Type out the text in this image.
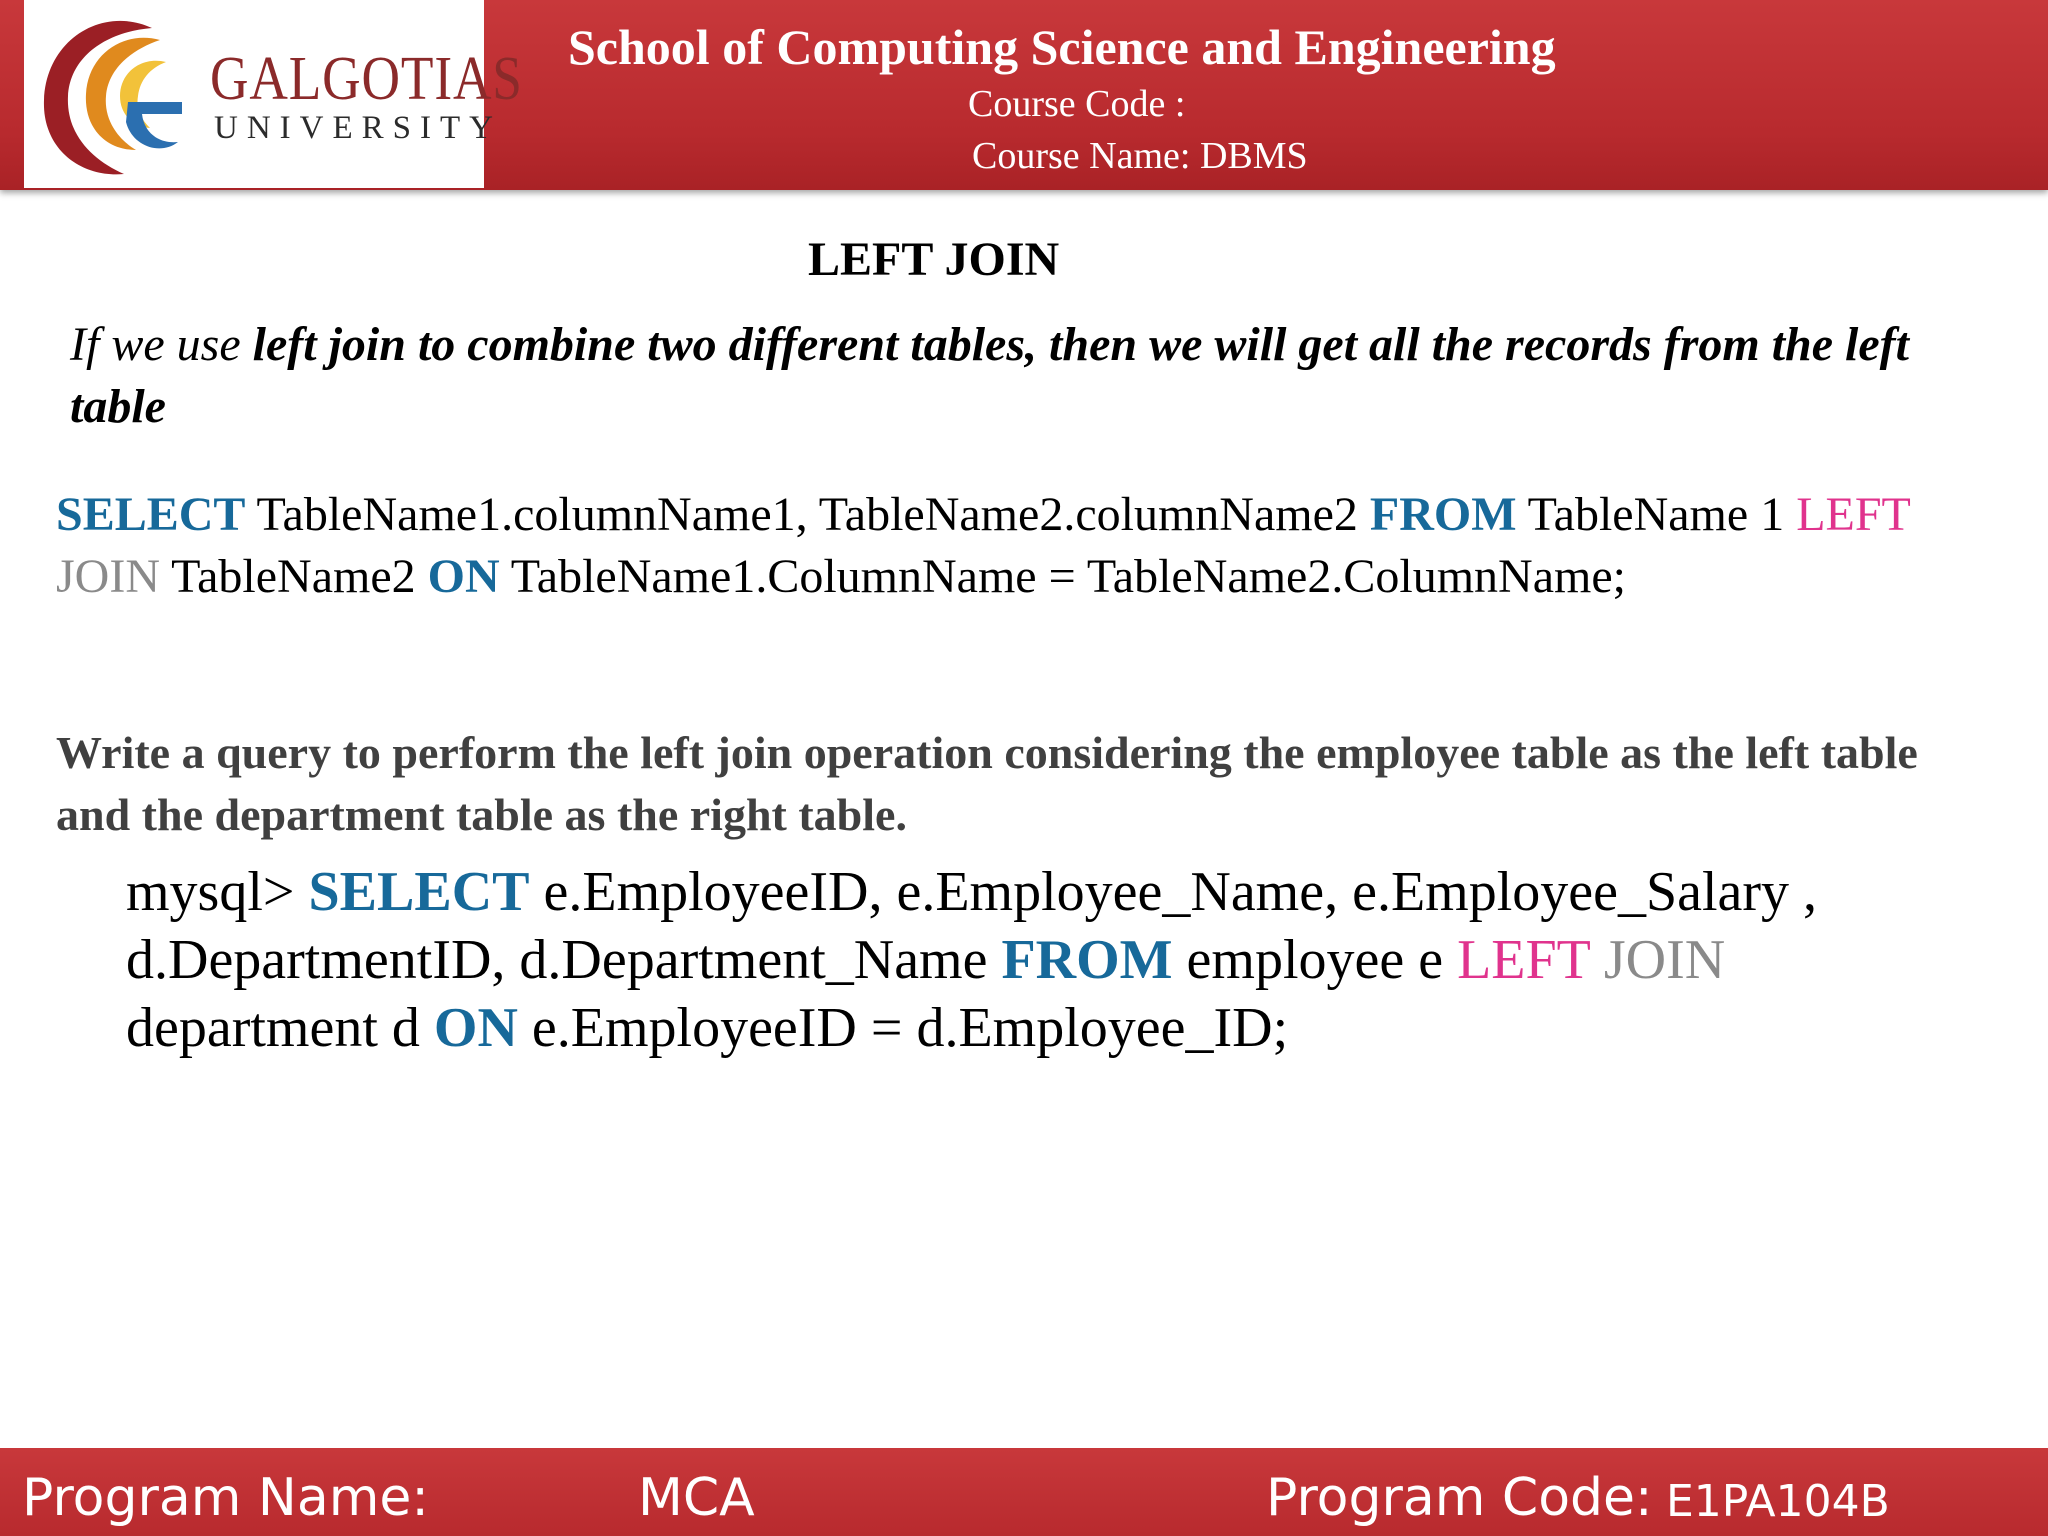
GALGOTIAS
UNIVERSITY
School of Computing Science and Engineering
Course Code :
Course Name: DBMS
LEFT JOIN
If we use left join to combine two different tables, then we will get all the records from the left table
SELECT TableName1.columnName1, TableName2.columnName2 FROM TableName 1 LEFT JOIN TableName2 ON TableName1.ColumnName = TableName2.ColumnName;
Write a query to perform the left join operation considering the employee table as the left table and the department table as the right table.
mysql> SELECT e.EmployeeID, e.Employee_Name, e.Employee_Salary , d.DepartmentID, d.Department_Name FROM employee e LEFT JOIN department d ON e.EmployeeID = d.Employee_ID;
Program Name:	MCA	Program Code: E1PA104B
